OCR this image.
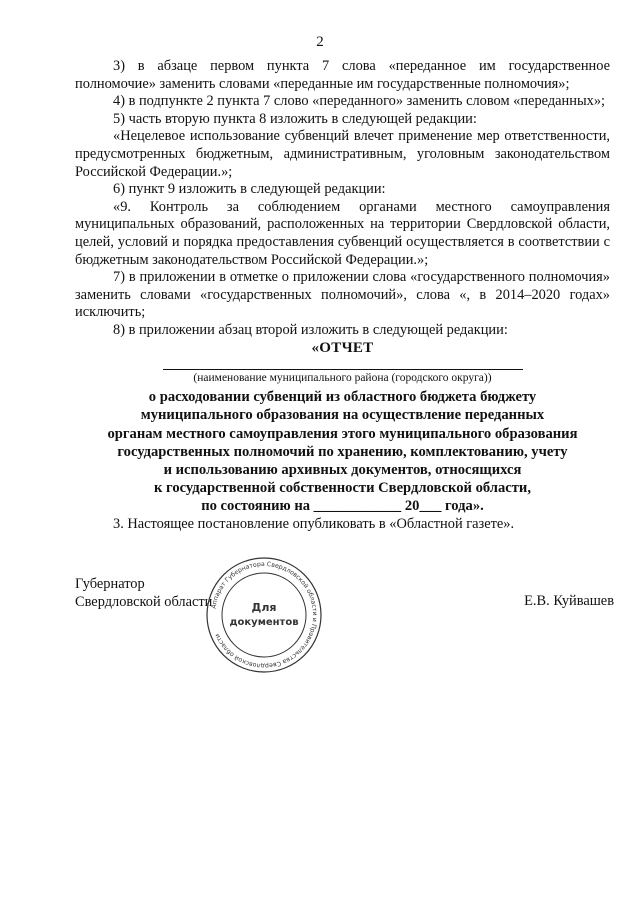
2

3) в абзаце первом пункта 7 слова «переданное им государственное полномочие» заменить словами «переданные им государственные полномочия»;

4) в подпункте 2 пункта 7 слово «переданного» заменить словом «переданных»;

5) часть вторую пункта 8 изложить в следующей редакции:

«Нецелевое использование субвенций влечет применение мер ответственности, предусмотренных бюджетным, административным, уголовным законодательством Российской Федерации.»;

6) пункт 9 изложить в следующей редакции:

«9. Контроль за соблюдением органами местного самоуправления муниципальных образований, расположенных на территории Свердловской области, целей, условий и порядка предоставления субвенций осуществляется в соответствии с бюджетным законодательством Российской Федерации.»;

7) в приложении в отметке о приложении слова «государственного полномочия» заменить словами «государственных полномочий», слова «, в 2014–2020 годах» исключить;

8) в приложении абзац второй изложить в следующей редакции:

«ОТЧЕТ

(наименование муниципального района (городского округа))

о расходовании субвенций из областного бюджета бюджету

муниципального образования на осуществление переданных

органам местного самоуправления этого муниципального образования

государственных полномочий по хранению, комплектованию, учету

и использованию архивных документов, относящихся

к государственной собственности Свердловской области,

по состоянию на ____________ 20___ года».

3. Настоящее постановление опубликовать в «Областной газете».

Губернатор
Свердловской области	Е.В. Куйвашев
Аппарат Губернатора Свердловской области и Правительства Свердловской области
Для
документов
